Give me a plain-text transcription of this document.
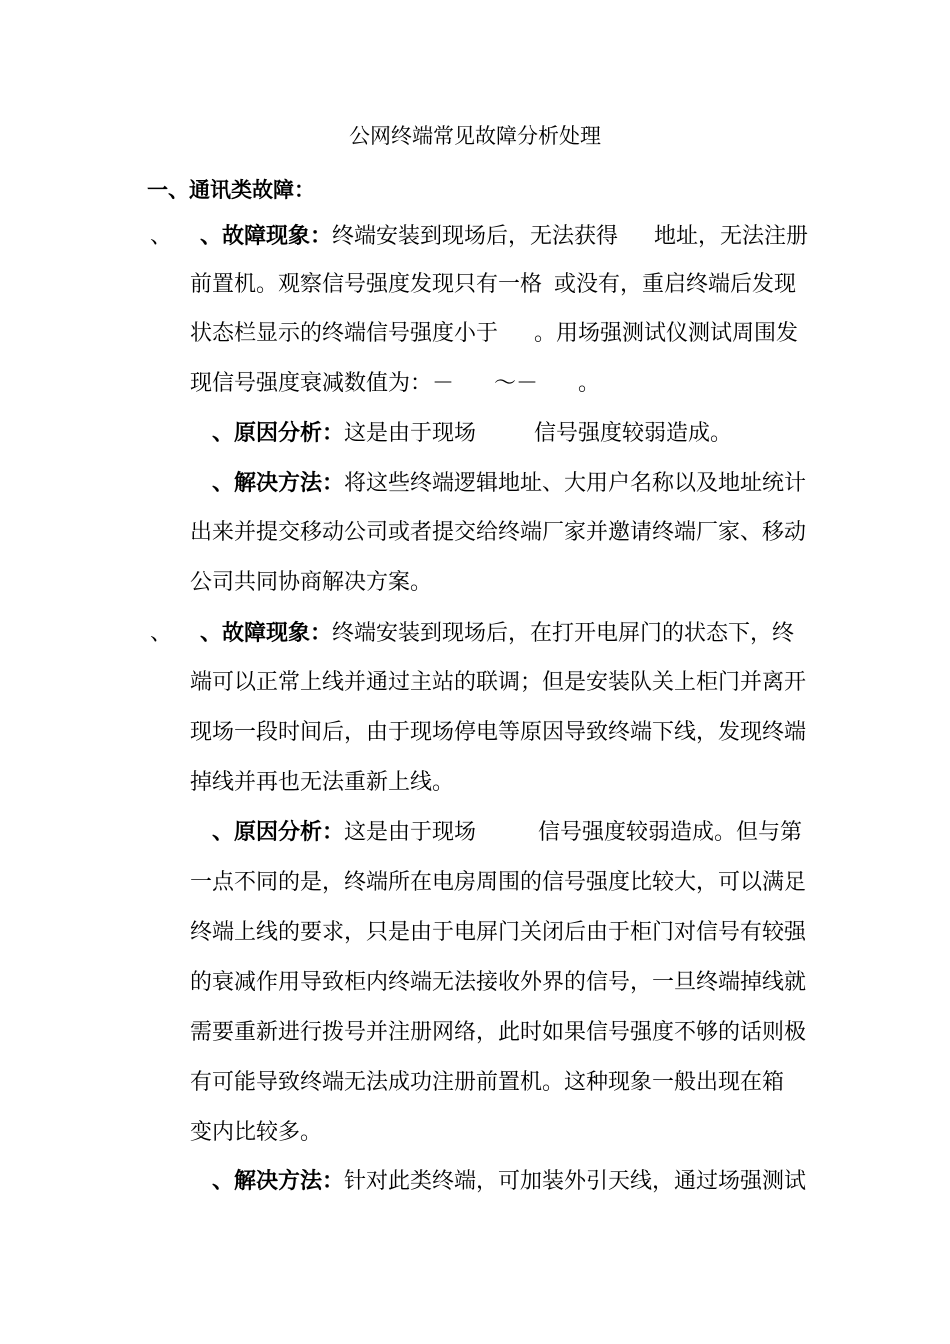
公网终端常见故障分析处理
一、通讯类故障：
、 、故障现象：终端安装到现场后，无法获得 地址，无法注册
前置机。观察信号强度发现只有一格 或没有，重启终端后发现
状态栏显示的终端信号强度小于 。用场强测试仪测试周围发
现信号强度衰减数值为：－ ～－ 。
、原因分析：这是由于现场	信号强度较弱造成。
、解决方法：将这些终端逻辑地址、大用户名称以及地址统计
出来并提交移动公司或者提交给终端厂家并邀请终端厂家、移动
公司共同协商解决方案。
、 、故障现象：终端安装到现场后，在打开电屏门的状态下，终
端可以正常上线并通过主站的联调；但是安装队关上柜门并离开
现场一段时间后，由于现场停电等原因导致终端下线，发现终端
掉线并再也无法重新上线。
、原因分析：这是由于现场	信号强度较弱造成。但与第
一点不同的是，终端所在电房周围的信号强度比较大，可以满足
终端上线的要求，只是由于电屏门关闭后由于柜门对信号有较强
的衰减作用导致柜内终端无法接收外界的信号，一旦终端掉线就
需要重新进行拨号并注册网络，此时如果信号强度不够的话则极
有可能导致终端无法成功注册前置机。这种现象一般出现在箱
变内比较多。
、解决方法：针对此类终端，可加装外引天线，通过场强测试
